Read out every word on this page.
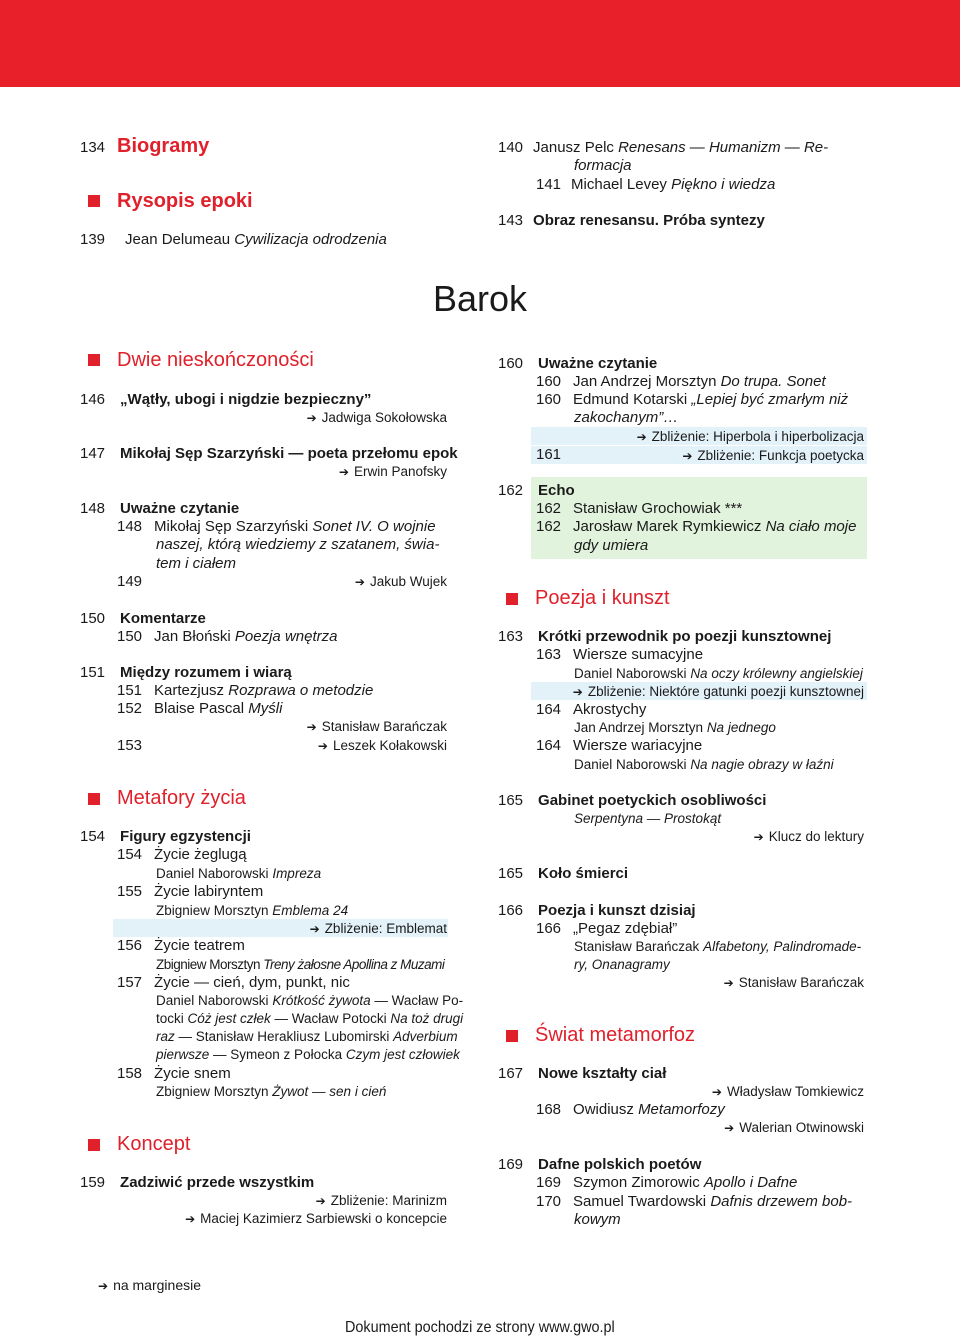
134 Biogramy
Rysopis epoki
139 Jean Delumeau Cywilizacja odrodzenia
140 Janusz Pelc Renesans — Humanizm — Re-
formacja
141 Michael Levey Piękno i wiedza
143 Obraz renesansu. Próba syntezy
Barok
Dwie nieskończoności
146 „Wątły, ubogi i nigdzie bezpieczny”
➔ Jadwiga Sokołowska
147 Mikołaj Sęp Szarzyński — poeta przełomu epok
➔ Erwin Panofsky
148 Uważne czytanie
148 Mikołaj Sęp Szarzyński Sonet IV. O wojnie
naszej, którą wiedziemy z szatanem, świa-
tem i ciałem
149	➔ Jakub Wujek
150 Komentarze
150 Jan Błoński Poezja wnętrza
151 Między rozumem i wiarą
151 Kartezjusz Rozprawa o metodzie
152 Blaise Pascal Myśli
➔ Stanisław Barańczak
153	➔ Leszek Kołakowski
Metafory życia
154 Figury egzystencji
154 Życie żeglugą
Daniel Naborowski Impreza
155 Życie labiryntem
Zbigniew Morsztyn Emblema 24
➔ Zbliżenie: Emblemat
156 Życie teatrem
Zbigniew Morsztyn Treny żałosne Apollina z Muzami
157 Życie — cień, dym, punkt, nic
Daniel Naborowski Krótkość żywota — Wacław Po-
tocki Cóż jest człek — Wacław Potocki Na toż drugi
raz — Stanisław Herakliusz Lubomirski Adverbium
pierwsze — Symeon z Połocka Czym jest człowiek
158 Życie snem
Zbigniew Morsztyn Żywot — sen i cień
Koncept
159 Zadziwić przede wszystkim
➔ Zbliżenie: Marinizm
➔ Maciej Kazimierz Sarbiewski o koncepcie
160 Uważne czytanie
160 Jan Andrzej Morsztyn Do trupa. Sonet
160 Edmund Kotarski „Lepiej być zmarłym niż
zakochanym”…
➔ Zbliżenie: Hiperbola i hiperbolizacja
161	➔ Zbliżenie: Funkcja poetycka
162 Echo
162 Stanisław Grochowiak ***
162 Jarosław Marek Rymkiewicz Na ciało moje
gdy umiera
Poezja i kunszt
163 Krótki przewodnik po poezji kunsztownej
163 Wiersze sumacyjne
Daniel Naborowski Na oczy królewny angielskiej
➔ Zbliżenie: Niektóre gatunki poezji kunsztownej
164 Akrostychy
Jan Andrzej Morsztyn Na jednego
164 Wiersze wariacyjne
Daniel Naborowski Na nagie obrazy w łaźni
165 Gabinet poetyckich osobliwości
Serpentyna — Prostokąt
➔ Klucz do lektury
165 Koło śmierci
166 Poezja i kunszt dzisiaj
166 „Pegaz zdębiał”
Stanisław Barańczak Alfabetony, Palindromade-
ry, Onanagramy
➔ Stanisław Barańczak
Świat metamorfoz
167 Nowe kształty ciał
➔ Władysław Tomkiewicz
168 Owidiusz Metamorfozy
➔ Walerian Otwinowski
169 Dafne polskich poetów
169 Szymon Zimorowic Apollo i Dafne
170 Samuel Twardowski Dafnis drzewem bob-
kowym
➔ na marginesie
Dokument pochodzi ze strony www.gwo.pl
